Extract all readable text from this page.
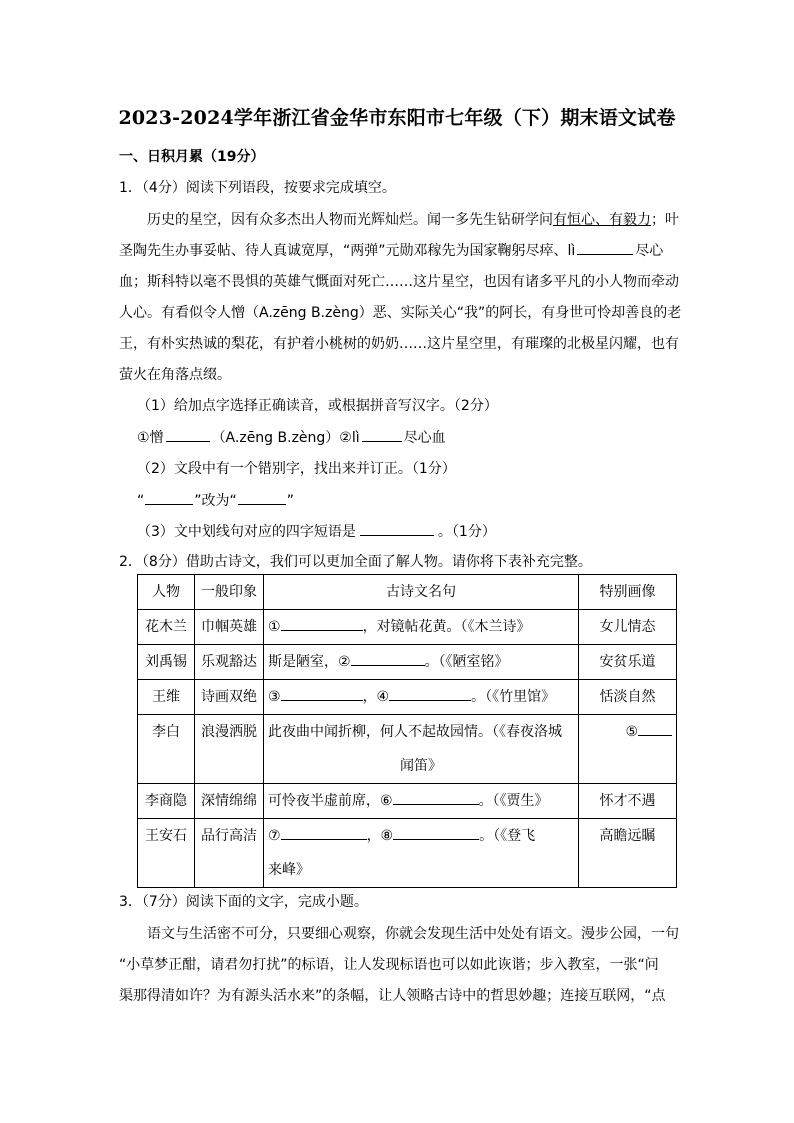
2023-2024学年浙江省金华市东阳市七年级（下）期末语文试卷
一、日积月累（19分）
1．（4分）阅读下列语段，按要求完成填空。
历史的星空，因有众多杰出人物而光辉灿烂。闻一多先生钻研学问有恒心、有毅力；叶
圣陶先生办事妥帖、待人真诚宽厚，“两弹”元勋邓稼先为国家鞠躬尽瘁、lì	尽心
血；斯科特以毫不畏惧的英雄气慨面对死亡……这片星空，也因有诸多平凡的小人物而牵动
人心。有看似令人憎（A.zēng B.zèng）恶、实际关心“我”的阿长，有身世可怜却善良的老
王，有朴实热诚的梨花，有护着小桃树的奶奶……这片星空里，有璀璨的北极星闪耀，也有
萤火在角落点缀。
（1）给加点字选择正确读音，或根据拼音写汉字。（2分）
①憎	（A.zēng B.zèng）②lì	尽心血
（2）文段中有一个错别字，找出来并订正。（1分）
“	”改为“	”
（3）文中划线句对应的四字短语是	。（1分）
2．（8分）借助古诗文，我们可以更加全面了解人物。请你将下表补充完整。
人物	一般印象	古诗文名句	特别画像
花木兰	巾帼英雄	① ，对镜帖花黄。（《木兰诗》	女儿情态
刘禹锡	乐观豁达	斯是陋室，② 。（《陋室铭》	安贫乐道
王维	诗画双绝	③ ，④ 。（《竹里馆》	恬淡自然
李白	浪漫洒脱	此夜曲中闻折柳，何人不起故园情。（《春夜洛城
闻笛》	⑤
李商隐	深情绵绵	可怜夜半虚前席，⑥ 。（《贾生》	怀才不遇
王安石	品行高洁	⑦ ，⑧ 。（《登飞
来峰》	高瞻远瞩
3．（7分）阅读下面的文字，完成小题。
语文与生活密不可分，只要细心观察，你就会发现生活中处处有语文。漫步公园，一句
“小草梦正酣，请君勿打扰”的标语，让人发现标语也可以如此诙谐；步入教室，一张“问
渠那得清如许？为有源头活水来”的条幅，让人领略古诗中的哲思妙趣；连接互联网，“点
